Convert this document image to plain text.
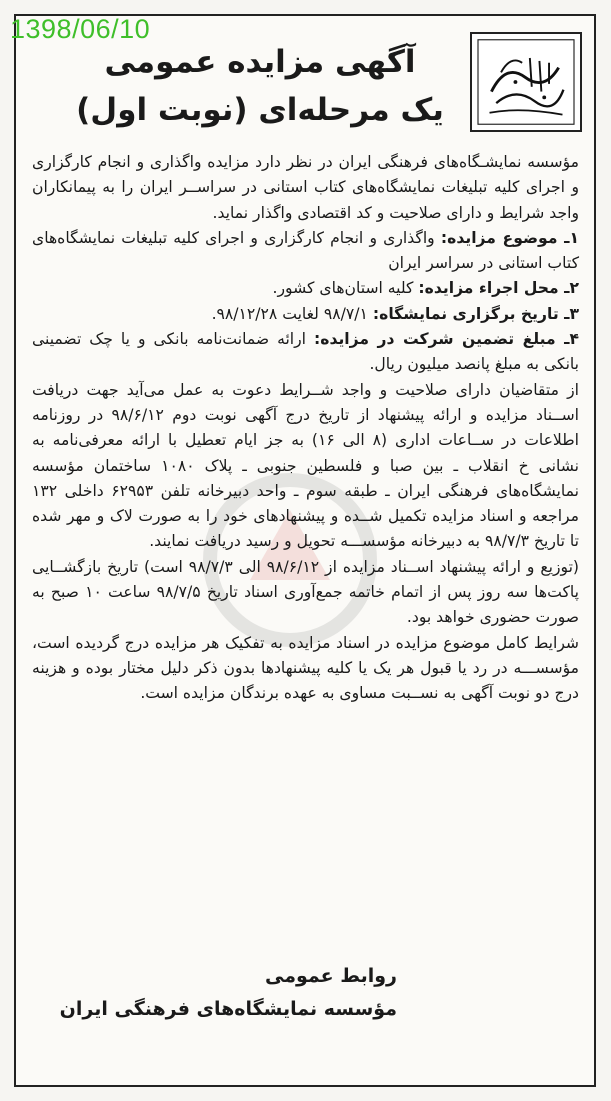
1398/06/10
آگهی مزایده عمومی
یک مرحله‌ای (نوبت اول)

مؤسسه نمایشـگاه‌های فرهنگی ایران در نظر دارد مزایده واگذاری و انجام کارگزاری و اجرای کلیه تبلیغات نمایشگاه‌های کتاب استانی در سراســر ایران را به پیمانکاران واجد شرایط و دارای صلاحیت و کد اقتصادی واگذار نماید.

۱ـ موضوع مزایده: واگذاری و انجام کارگزاری و اجرای کلیه تبلیغات نمایشگاه‌های کتاب استانی در سراسر ایران

۲ـ محل اجراء مزایده: کلیه استان‌های کشور.

۳ـ تاریخ برگزاری نمایشگاه: ۹۸/۷/۱ لغایت ۹۸/۱۲/۲۸.

۴ـ مبلغ تضمین شرکت در مزایده: ارائه ضمانت‌نامه بانکی و یا چک تضمینی بانکی به مبلغ پانصد میلیون ریال.

از متقاضیان دارای صلاحیت و واجد شــرایط دعوت به عمل می‌آید جهت دریافت اســناد مزایده و ارائه پیشنهاد از تاریخ درج آگهی نوبت دوم ۹۸/۶/۱۲ در روزنامه اطلاعات در ســاعات اداری (۸ الی ۱۶) به جز ایام تعطیل با ارائه معرفی‌نامه به نشانی خ انقلاب ـ بین صبا و فلسطین جنوبی ـ پلاک ۱۰۸۰ ساختمان مؤسسه نمایشگاه‌های فرهنگی ایران ـ طبقه سوم ـ واحد دبیرخانه تلفن ۶۲۹۵۳ داخلی ۱۳۲ مراجعه و اسناد مزایده تکمیل شــده و پیشنهادهای خود را به صورت لاک و مهر شده تا تاریخ ۹۸/۷/۳ به دبیرخانه مؤسســـه تحویل و رسید دریافت نمایند.

(توزیع و ارائه پیشنهاد اســناد مزایده از ۹۸/۶/۱۲ الی ۹۸/۷/۳ است) تاریخ بازگشــایی پاکت‌ها سه روز پس از اتمام خاتمه جمع‌آوری اسناد تاریخ ۹۸/۷/۵ ساعت ۱۰ صبح به صورت حضوری خواهد بود.

شرایط کامل موضوع مزایده در اسناد مزایده به تفکیک هر مزایده درج گردیده است، مؤسســـه در رد یا قبول هر یک یا کلیه پیشنهادها بدون ذکر دلیل مختار بوده و هزینه درج دو نوبت آگهی به نســبت مساوی به عهده برندگان مزایده است.

روابط عمومی
مؤسسه نمایشگاه‌های فرهنگی ایران
